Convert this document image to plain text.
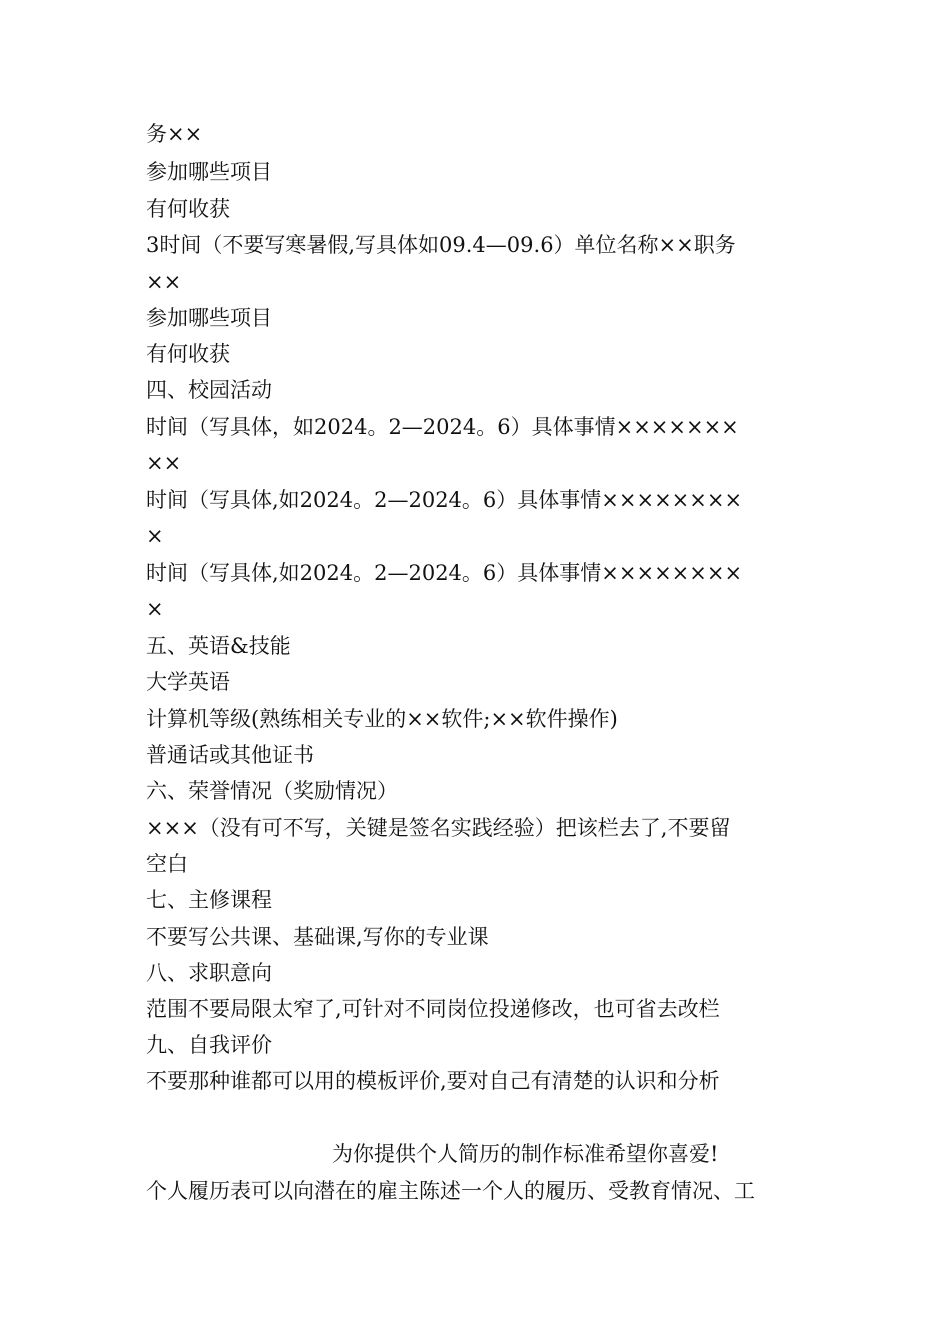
务××
参加哪些项目
有何收获
3时间（不要写寒暑假,写具体如09.4—09.6）单位名称××职务
××
参加哪些项目
有何收获
四、校园活动
时间（写具体，如2024。2—2024。6）具体事情×××××××
××
时间（写具体,如2024。2—2024。6）具体事情××××××××
×
时间（写具体,如2024。2—2024。6）具体事情××××××××
×
五、英语&技能
大学英语
计算机等级(熟练相关专业的××软件;××软件操作)
普通话或其他证书
六、荣誉情况（奖励情况）
×××（没有可不写，关键是签名实践经验）把该栏去了,不要留
空白
七、主修课程
不要写公共课、基础课,写你的专业课
八、求职意向
范围不要局限太窄了,可针对不同岗位投递修改，也可省去改栏
九、自我评价
不要那种谁都可以用的模板评价,要对自己有清楚的认识和分析
为你提供个人简历的制作标准希望你喜爱!
个人履历表可以向潜在的雇主陈述一个人的履历、受教育情况、工
